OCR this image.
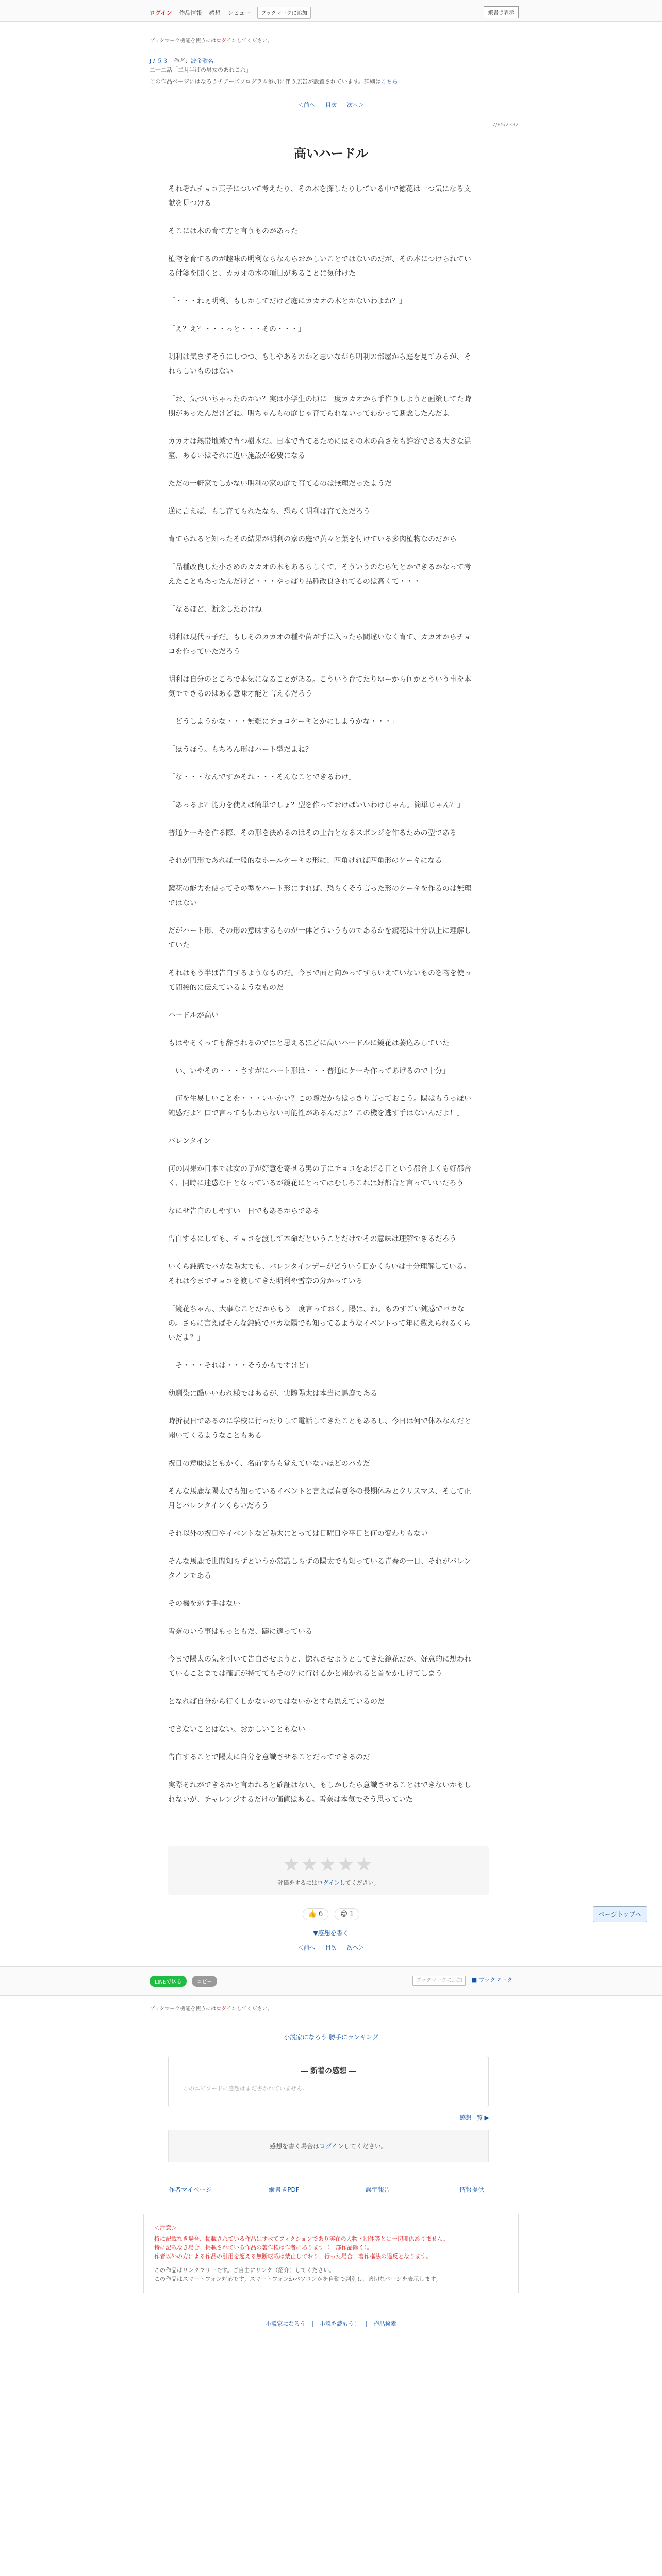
ログイン 作品情報 感想 レビュー	ブックマークに追加	縦書き表示
ブックマーク機能を使うにはログインしてください。
J / ５３　 作者：波金歌名
二十二話「二月半ばの男女のあれこれ」
この作品ページにはなろうチアーズプログラム参加に伴う広告が設置されています。詳細はこちら
＜前へ 目次 次へ＞
7/85/2332
高いハードル

それぞれチョコ菓子について考えたり、その本を探したりしている中で徳花は一つ気になる文献を見つける

そこには木の育て方と言うものがあった

植物を育てるのが趣味の明利ならなんらおかしいことではないのだが、その本につけられている付箋を開くと、カカオの木の項目があることに気付けた

「・・・ねぇ明利、もしかしてだけど庭にカカオの木とかないわよね？」

「え？え？・・・っと・・・その・・・」

明利は気まずそうにしつつ、もしやあるのかと思いながら明利の部屋から庭を見てみるが、それらしいものはない

「お、気づいちゃったのかい？実は小学生の頃に一度カカオから手作りしようと画策してた時期があったんだけどね。明ちゃんもの庭じゃ育てられないってわかって断念したんだよ」

カカオは熱帯地域で育つ樹木だ。日本で育てるためにはその木の高さをも許容できる大きな温室、あるいはそれに近い施設が必要になる

ただの一軒家でしかない明利の家の庭で育てるのは無理だったようだ

逆に言えば、もし育てられたなら、恐らく明利は育てただろう

育てられると知ったその結果が明利の家の庭で黄々と葉を付けている多肉植物なのだから

「品種改良した小さめのカカオの木もあるらしくて、そういうのなら何とかできるかなって考えたこともあったんだけど・・・やっぱり品種改良されてるのは高くて・・・」

「なるほど、断念したわけね」

明利は現代っ子だ。もしそのカカオの種や苗が手に入ったら間違いなく育て、カカオからチョコを作っていただろう

明利は自分のところで本気になることがある。こういう育てたりゆーから何かとういう事を本気でできるのはある意味才能と言えるだろう

「どうしようかな・・・無難にチョコケーキとかにしようかな・・・」

「ほうほう。もちろん形はハート型だよね？」

「な・・・なんですかそれ・・・そんなことできるわけ」

「あっるよ？能力を使えば簡単でしょ？型を作っておけばいいわけじゃん。簡単じゃん？」

普通ケーキを作る際、その形を決めるのはその土台となるスポンジを作るための型である

それが円形であれば一般的なホールケーキの形に、四角ければ四角形のケーキになる

鏡花の能力を使ってその型をハート形にすれば、恐らくそう言った形のケーキを作るのは無理ではない

だがハート形、その形の意味するものが一体どういうものであるかを鏡花は十分以上に理解していた

それはもう半ば告白するようなものだ。今まで面と向かってすらいえていないものを物を使って間接的に伝えているようなものだ

ハードルが高い

もはやそくっても辞されるのではと思えるほどに高いハードルに鏡花は萎込みしていた

「い、いやその・・・さすがにハート形は・・・普通にケーキ作ってあげるので十分」

「何を生易しいことを・・・いいかい？この際だからはっきり言っておこう。陽はもうっぽい鈍感だよ？口で言っても伝わらない可能性があるんだよ？この機を逃す手はないんだよ！」

バレンタイン

何の因果か日本では女の子が好意を寄せる男の子にチョコをあげる日という都合よくも好都合く、同時に迷惑な日となっているが鏡花にとってはむしろこれは好都合と言っていいだろう

なにせ告白のしやすい一日でもあるからである

告白するにしても、チョコを渡して本命だということだけでその意味は理解できるだろう

いくら鈍感でバカな陽太でも、バレンタインデーがどういう日かくらいは十分理解している。それは今までチョコを渡してきた明利や雪奈の分かっている

「鏡花ちゃん、大事なことだからもう一度言っておく。陽は、ね。ものすごい鈍感でバカなの。さらに言えばそんな鈍感でバカな陽でも知ってるようなイベントって年に数えられるくらいだよ？」

「そ・・・それは・・・そうかもですけど」

幼馴染に酷いいわれ様ではあるが、実際陽太は本当に馬鹿である

時折祝日であるのに学校に行ったりして電話してきたこともあるし、今日は何で休みなんだと聞いてくるようなこともある

祝日の意味はともかく、名前すらも覚えていないほどのバカだ

そんな馬鹿な陽太でも知っているイベントと言えば春夏冬の長期休みとクリスマス、そして正月とバレンタインくらいだろう

それ以外の祝日やイベントなど陽太にとっては日曜日や平日と何の変わりもない

そんな馬鹿で世間知らずというか常識しらずの陽太でも知っている青春の一日、それがバレンタインである

その機を逃す手はない

雪奈のいう事はもっともだ、躊に適っている

今まで陽太の気を引いて告白させようと、惚れさせようとしてきた鏡花だが、好意的に想われていることまでは確証が持ててもその先に行けるかと聞かれると首をかしげてしまう

となれば自分から行くしかないのではないかとすら思えているのだ

できないことはない。おかしいこともない

告白することで陽太に自分を意識させることだってできるのだ

実際それができるかと言われると確証はない。もしかしたら意識させることはできないかもしれないが、チャレンジするだけの価値はある。雪奈は本気でそう思っていた

★★★★★
評価をするにはログインしてください。
👍 6	😊 1
▼感想を書く
＜前へ 目次 次へ＞
ページトップへ
LINEで送る	コピー	ブックマークに追加 ■ ブックマーク
ブックマーク機能を使うにはログインしてください。
小説家になろう 勝手にランキング
― 新着の感想 ―
このエピソードに感想はまだ書かれていません。
感想一覧 ▶
感想を書く場合はログインしてください。
作者マイページ	縦書きPDF	誤字報告	情報提供
＜注意＞
特に記載なき場合、掲載されている作品はすべてフィクションであり実在の人物・団体等とは一切関係ありません。
特に記載なき場合、掲載されている作品の著作権は作者にあります（一部作品除く）。
作者以外の方による作品の引用を超える無断転載は禁止しており、行った場合、著作権法の違反となります。
この作品はリンクフリーです。ご自由にリンク（紹介）してください。
この作品はスマートフォン対応です。スマートフォンかパソコンかを自動で判別し、適切なページを表示します。
小説家になろう | 小説を読もう！ | 作品検索
